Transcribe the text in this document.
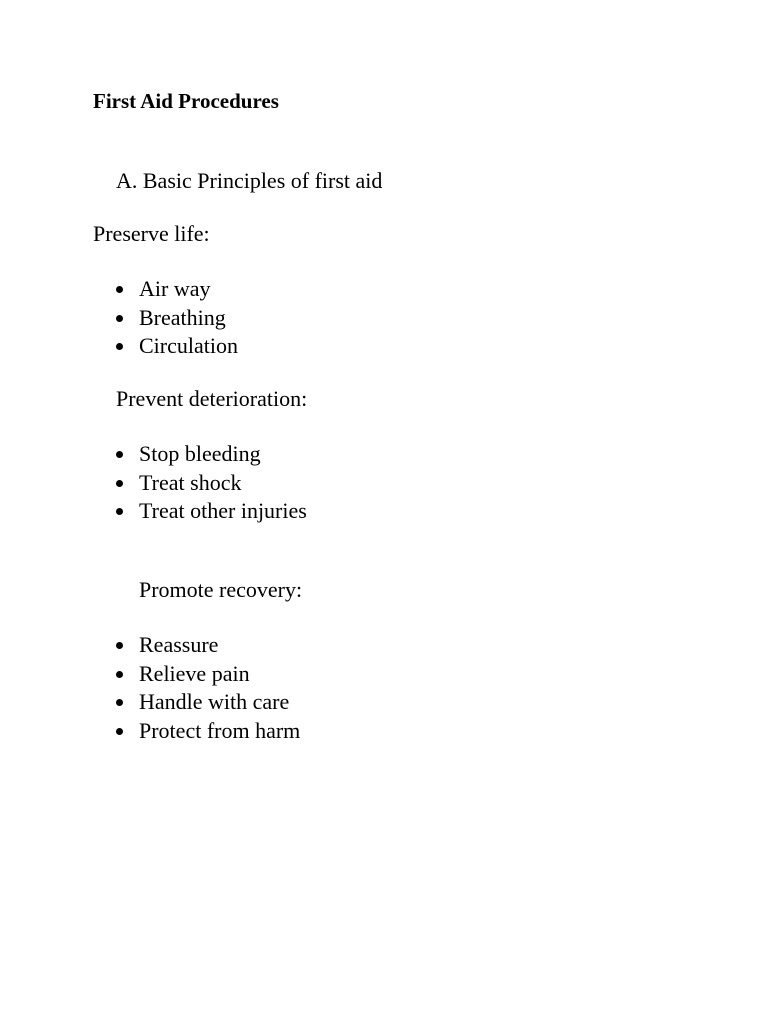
First Aid Procedures
A. Basic Principles of first aid
Preserve life:
Air way
Breathing
Circulation
Prevent deterioration:
Stop bleeding
Treat shock
Treat other injuries
Promote recovery:
Reassure
Relieve pain
Handle with care
Protect from harm
